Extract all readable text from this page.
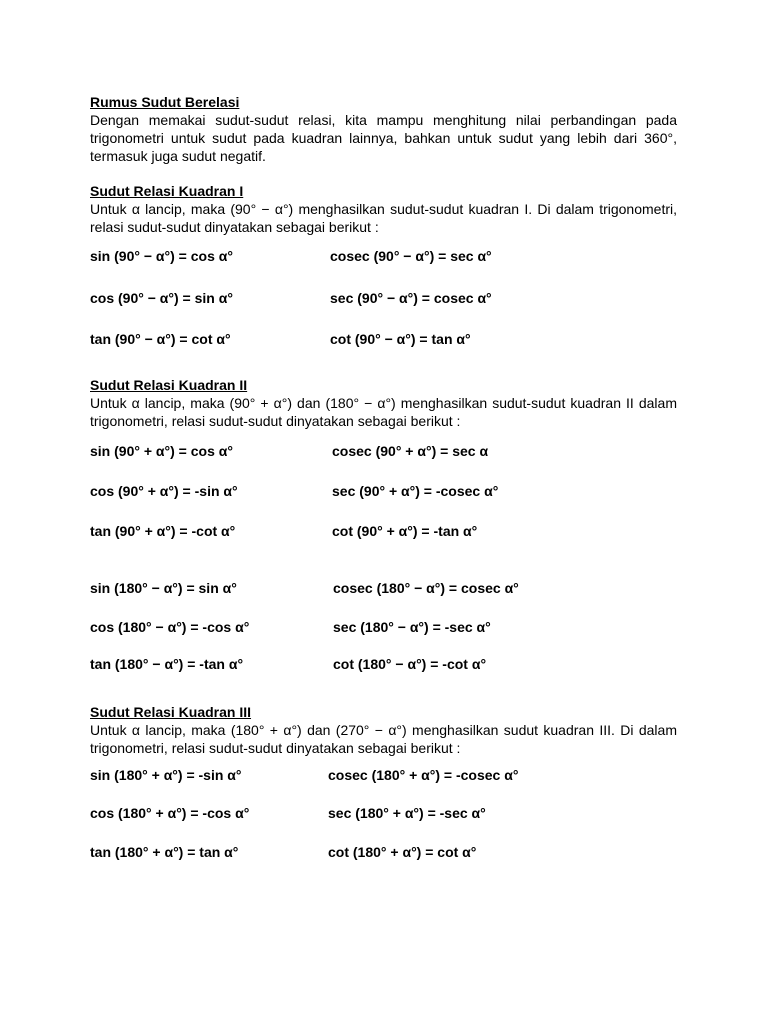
Rumus Sudut Berelasi

Dengan memakai sudut-sudut relasi, kita mampu menghitung nilai perbandingan pada trigonometri untuk sudut pada kuadran lainnya, bahkan untuk sudut yang lebih dari 360°, termasuk juga sudut negatif.

Sudut Relasi Kuadran I

Untuk α lancip, maka (90° − α°) menghasilkan sudut-sudut kuadran I. Di dalam trigonometri, relasi sudut-sudut dinyatakan sebagai berikut :

sin (90° − α°) = cos α°	cosec (90° − α°) = sec α°
cos (90° − α°) = sin α°	sec (90° − α°) = cosec α°
tan (90° − α°) = cot α°	cot (90° − α°) = tan α°
Sudut Relasi Kuadran II

Untuk α lancip, maka (90° + α°) dan (180° − α°) menghasilkan sudut-sudut kuadran II dalam trigonometri, relasi sudut-sudut dinyatakan sebagai berikut :

sin (90° + α°) = cos α°	cosec (90° + α°) = sec α
cos (90° + α°) = -sin α°	sec (90° + α°) = -cosec α°
tan (90° + α°) = -cot α°	cot (90° + α°) = -tan α°
sin (180° − α°) = sin α°	cosec (180° − α°) = cosec α°
cos (180° − α°) = -cos α°	sec (180° − α°) = -sec α°
tan (180° − α°) = -tan α°	cot (180° − α°) = -cot α°
Sudut Relasi Kuadran III

Untuk α lancip, maka (180° + α°) dan (270° − α°) menghasilkan sudut kuadran III. Di dalam trigonometri, relasi sudut-sudut dinyatakan sebagai berikut :

sin (180° + α°) = -sin α°	cosec (180° + α°) = -cosec α°
cos (180° + α°) = -cos α°	sec (180° + α°) = -sec α°
tan (180° + α°) = tan α°	cot (180° + α°) = cot α°
